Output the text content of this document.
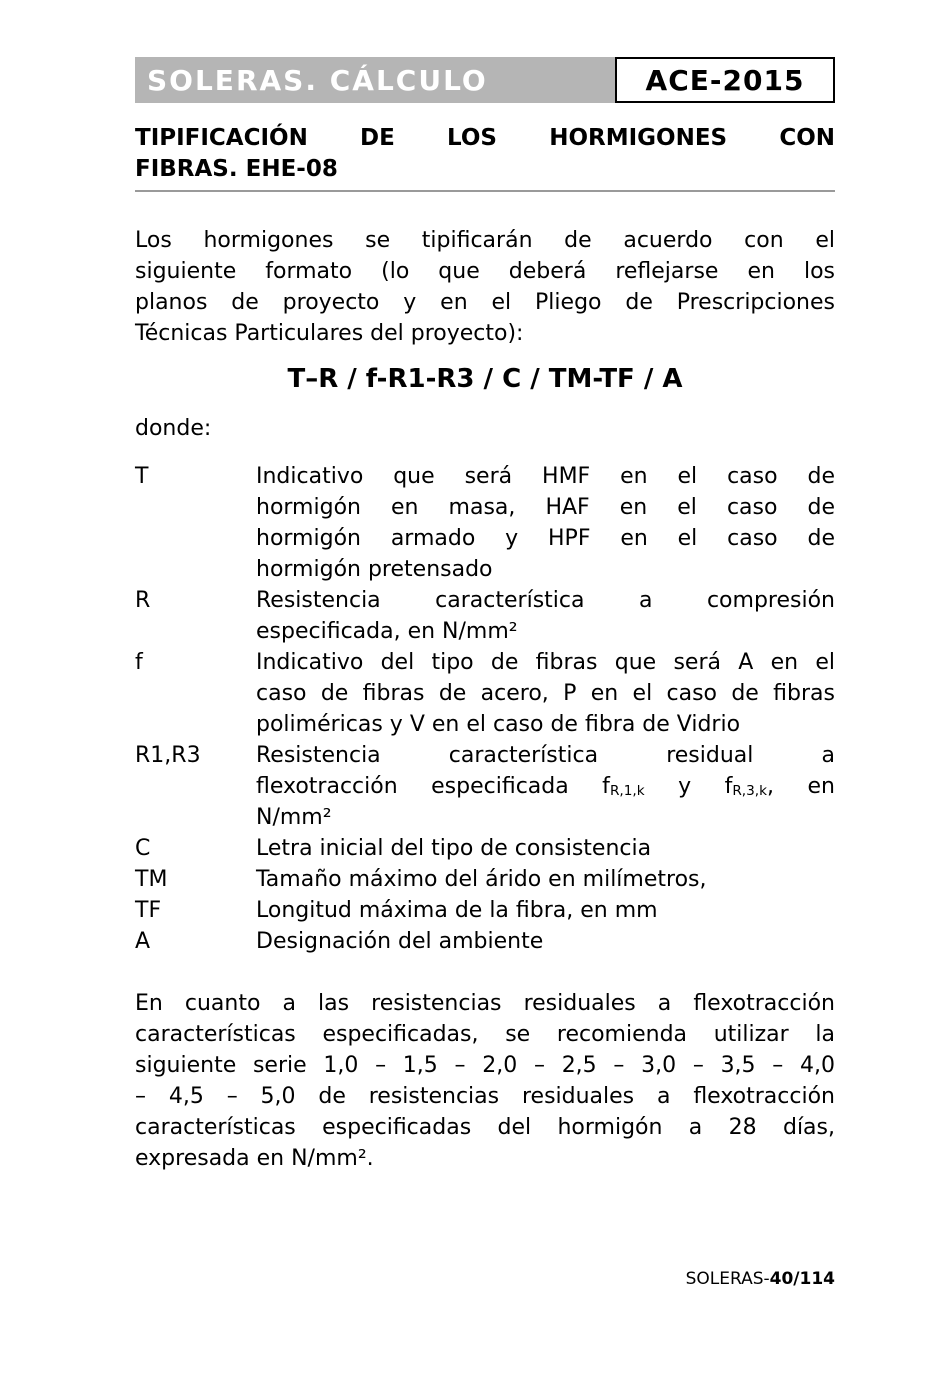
SOLERAS. CÁLCULO	ACE-2015
TIPIFICACIÓN DE LOS HORMIGONES CON
FIBRAS. EHE-08
Los hormigones se tipificarán de acuerdo con el
siguiente formato (lo que deberá reflejarse en los
planos de proyecto y en el Pliego de Prescripciones
Técnicas Particulares del proyecto):
T–R / f-R1-R3 / C / TM-TF / A
donde:
T	Indicativo que será HMF en el caso de
hormigón en masa, HAF en el caso de
hormigón armado y HPF en el caso de
hormigón pretensado
R	Resistencia característica a compresión
especificada, en N/mm²
f	Indicativo del tipo de fibras que será A en el
caso de fibras de acero, P en el caso de fibras
poliméricas y V en el caso de fibra de Vidrio
R1,R3	Resistencia característica residual a
flexotracción especificada $f_{R,1,k}$ y $f_{R,3,k}$, en
N/mm²
C	Letra inicial del tipo de consistencia
TM	Tamaño máximo del árido en milímetros,
TF	Longitud máxima de la fibra, en mm
A	Designación del ambiente
En cuanto a las resistencias residuales a flexotracción
características especificadas, se recomienda utilizar la
siguiente serie 1,0 – 1,5 – 2,0 – 2,5 – 3,0 – 3,5 – 4,0
– 4,5 – 5,0 de resistencias residuales a flexotracción
características especificadas del hormigón a 28 días,
expresada en N/mm².
SOLERAS-40/114
